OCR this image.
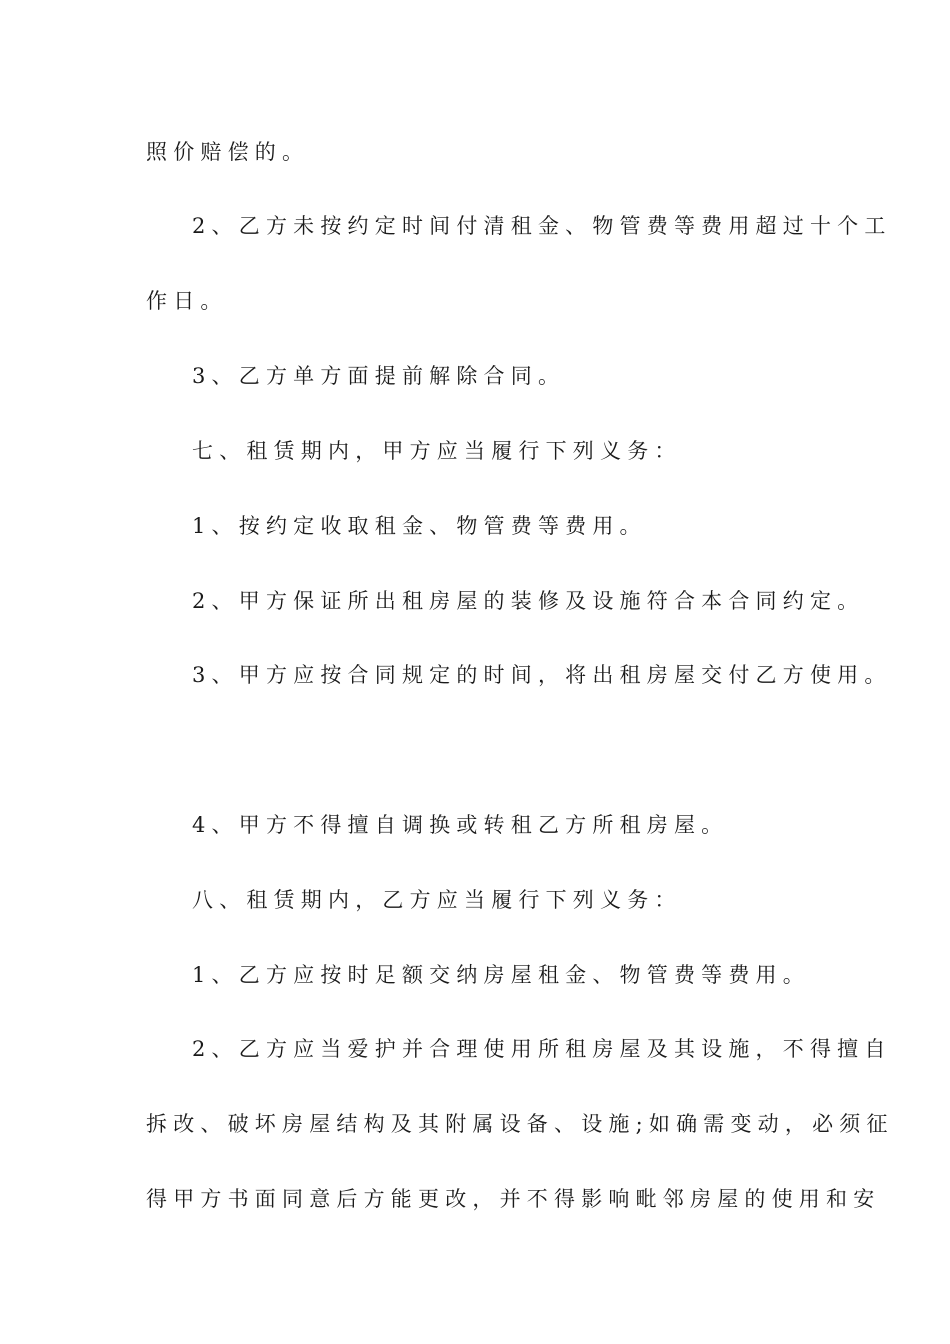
照价赔偿的。
2、乙方未按约定时间付清租金、物管费等费用超过十个工
作日。
3、乙方单方面提前解除合同。
七、租赁期内，甲方应当履行下列义务：
1、按约定收取租金、物管费等费用。
2、甲方保证所出租房屋的装修及设施符合本合同约定。
3、甲方应按合同规定的时间，将出租房屋交付乙方使用。
4、甲方不得擅自调换或转租乙方所租房屋。
八、租赁期内，乙方应当履行下列义务：
1、乙方应按时足额交纳房屋租金、物管费等费用。
2、乙方应当爱护并合理使用所租房屋及其设施，不得擅自
拆改、破坏房屋结构及其附属设备、设施;如确需变动，必须征
得甲方书面同意后方能更改，并不得影响毗邻房屋的使用和安
